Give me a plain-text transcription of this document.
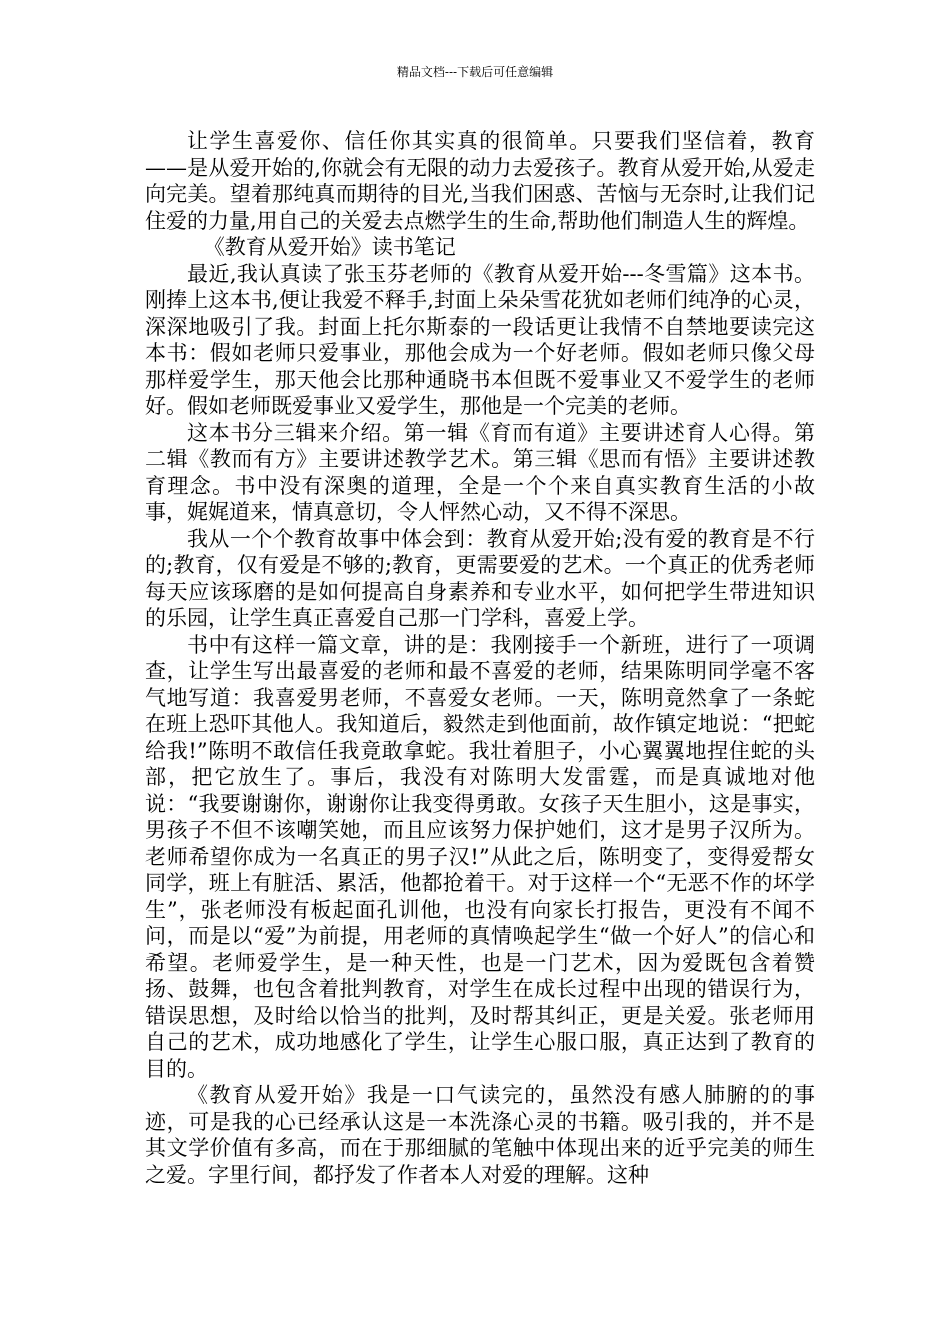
精品文档---下载后可任意编辑

让学生喜爱你、信任你其实真的很简单。只要我们坚信着，教育——是从爱开始的,你就会有无限的动力去爱孩子。教育从爱开始,从爱走向完美。望着那纯真而期待的目光,当我们困惑、苦恼与无奈时,让我们记住爱的力量,用自己的关爱去点燃学生的生命,帮助他们制造人生的辉煌。

《教育从爱开始》读书笔记

最近,我认真读了张玉芬老师的《教育从爱开始---冬雪篇》这本书。刚捧上这本书,便让我爱不释手,封面上朵朵雪花犹如老师们纯净的心灵，深深地吸引了我。封面上托尔斯泰的一段话更让我情不自禁地要读完这本书：假如老师只爱事业，那他会成为一个好老师。假如老师只像父母那样爱学生，那天他会比那种通晓书本但既不爱事业又不爱学生的老师好。假如老师既爱事业又爱学生，那他是一个完美的老师。

这本书分三辑来介绍。第一辑《育而有道》主要讲述育人心得。第二辑《教而有方》主要讲述教学艺术。第三辑《思而有悟》主要讲述教育理念。书中没有深奥的道理，全是一个个来自真实教育生活的小故事，娓娓道来，情真意切，令人怦然心动，又不得不深思。

我从一个个教育故事中体会到：教育从爱开始;没有爱的教育是不行的;教育，仅有爱是不够的;教育，更需要爱的艺术。一个真正的优秀老师每天应该琢磨的是如何提高自身素养和专业水平，如何把学生带进知识的乐园，让学生真正喜爱自己那一门学科，喜爱上学。

书中有这样一篇文章，讲的是：我刚接手一个新班，进行了一项调查，让学生写出最喜爱的老师和最不喜爱的老师，结果陈明同学毫不客气地写道：我喜爱男老师，不喜爱女老师。一天，陈明竟然拿了一条蛇在班上恐吓其他人。我知道后，毅然走到他面前，故作镇定地说：“把蛇给我!”陈明不敢信任我竟敢拿蛇。我壮着胆子，小心翼翼地捏住蛇的头部，把它放生了。事后，我没有对陈明大发雷霆，而是真诚地对他说：“我要谢谢你，谢谢你让我变得勇敢。女孩子天生胆小，这是事实，男孩子不但不该嘲笑她，而且应该努力保护她们，这才是男子汉所为。老师希望你成为一名真正的男子汉!”从此之后，陈明变了，变得爱帮女同学，班上有脏活、累活，他都抢着干。对于这样一个“无恶不作的坏学生”，张老师没有板起面孔训他，也没有向家长打报告，更没有不闻不问，而是以“爱”为前提，用老师的真情唤起学生“做一个好人”的信心和希望。老师爱学生，是一种天性，也是一门艺术，因为爱既包含着赞扬、鼓舞，也包含着批判教育，对学生在成长过程中出现的错误行为，错误思想，及时给以恰当的批判，及时帮其纠正，更是关爱。张老师用自己的艺术，成功地感化了学生，让学生心服口服，真正达到了教育的目的。

《教育从爱开始》我是一口气读完的，虽然没有感人肺腑的的事迹，可是我的心已经承认这是一本洗涤心灵的书籍。吸引我的，并不是其文学价值有多高，而在于那细腻的笔触中体现出来的近乎完美的师生之爱。字里行间，都抒发了作者本人对爱的理解。这种
